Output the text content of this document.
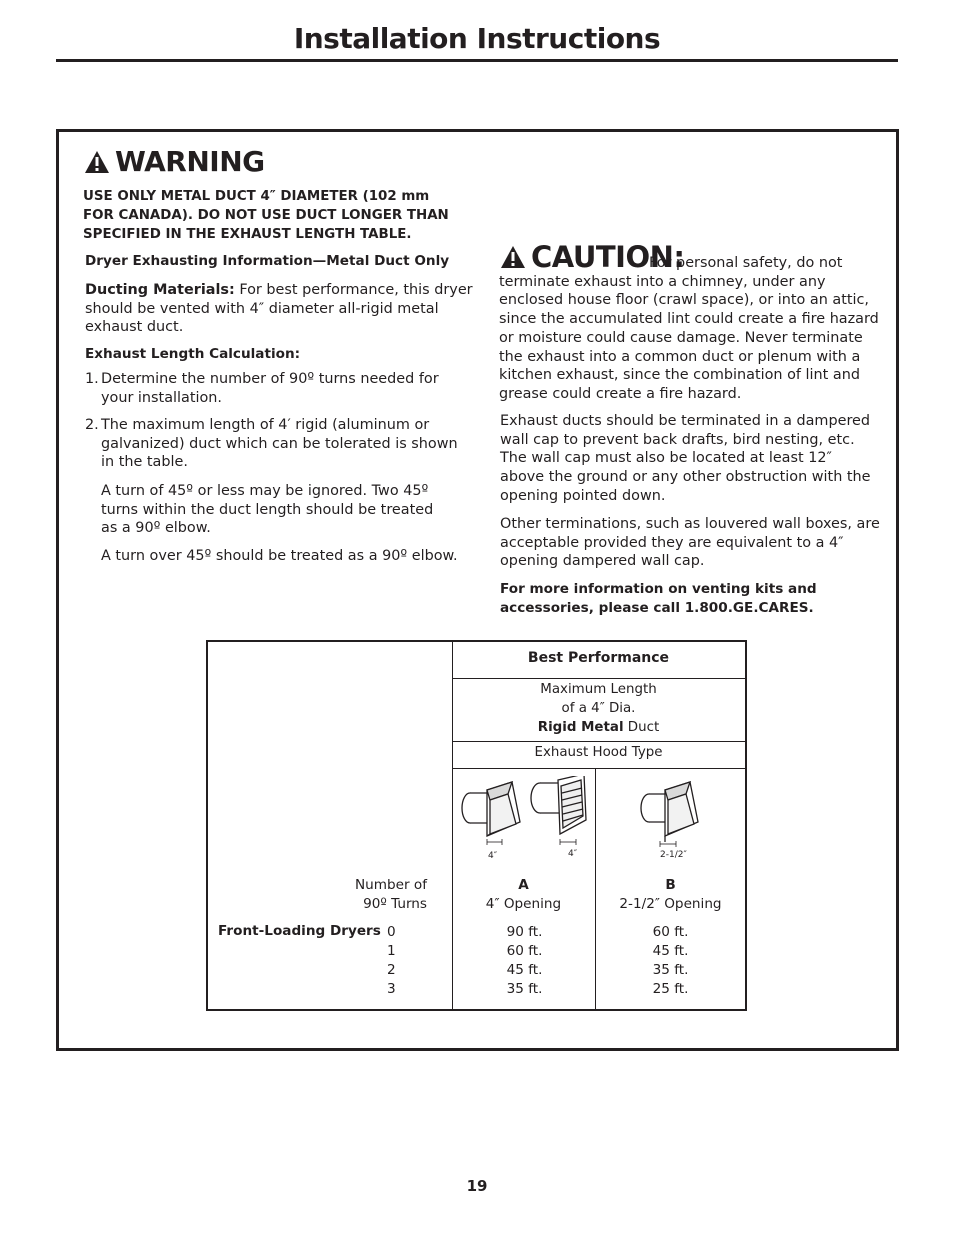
Installation Instructions
WARNING
USE ONLY METAL DUCT 4″ DIAMETER (102 mm FOR CANADA). DO NOT USE DUCT LONGER THAN SPECIFIED IN THE EXHAUST LENGTH TABLE.
Dryer Exhausting Information—Metal Duct Only
Ducting Materials: For best performance, this dryer should be vented with 4″ diameter all-rigid metal exhaust duct.
Exhaust Length Calculation:
1. Determine the number of 90º turns needed for your installation.
2. The maximum length of 4′ rigid (aluminum or galvanized) duct which can be tolerated is shown in the table.
A turn of 45º or less may be ignored. Two 45º turns within the duct length should be treated as a 90º elbow.
A turn over 45º should be treated as a 90º elbow.
CAUTION:
For personal safety, do not terminate exhaust into a chimney, under any enclosed house floor (crawl space), or into an attic, since the accumulated lint could create a fire hazard or moisture could cause damage. Never terminate the exhaust into a common duct or plenum with a kitchen exhaust, since the combination of lint and grease could create a fire hazard.
Exhaust ducts should be terminated in a dampered wall cap to prevent back drafts, bird nesting, etc. The wall cap must also be located at least 12″ above the ground or any other obstruction with the opening pointed down.
Other terminations, such as louvered wall boxes, are acceptable provided they are equivalent to a 4″ opening dampered wall cap.
For more information on venting kits and accessories, please call 1.800.GE.CARES.
Best Performance
Maximum Length
of a 4″ Dia.
Rigid Metal Duct
Exhaust Hood Type
4″	4″	2-1/2″
Number of
90º Turns
A
4″ Opening
B
2-1/2″ Opening
Front-Loading Dryers 0
1
2
3
90 ft.
60 ft.
45 ft.
35 ft.
60 ft.
45 ft.
35 ft.
25 ft.
19
